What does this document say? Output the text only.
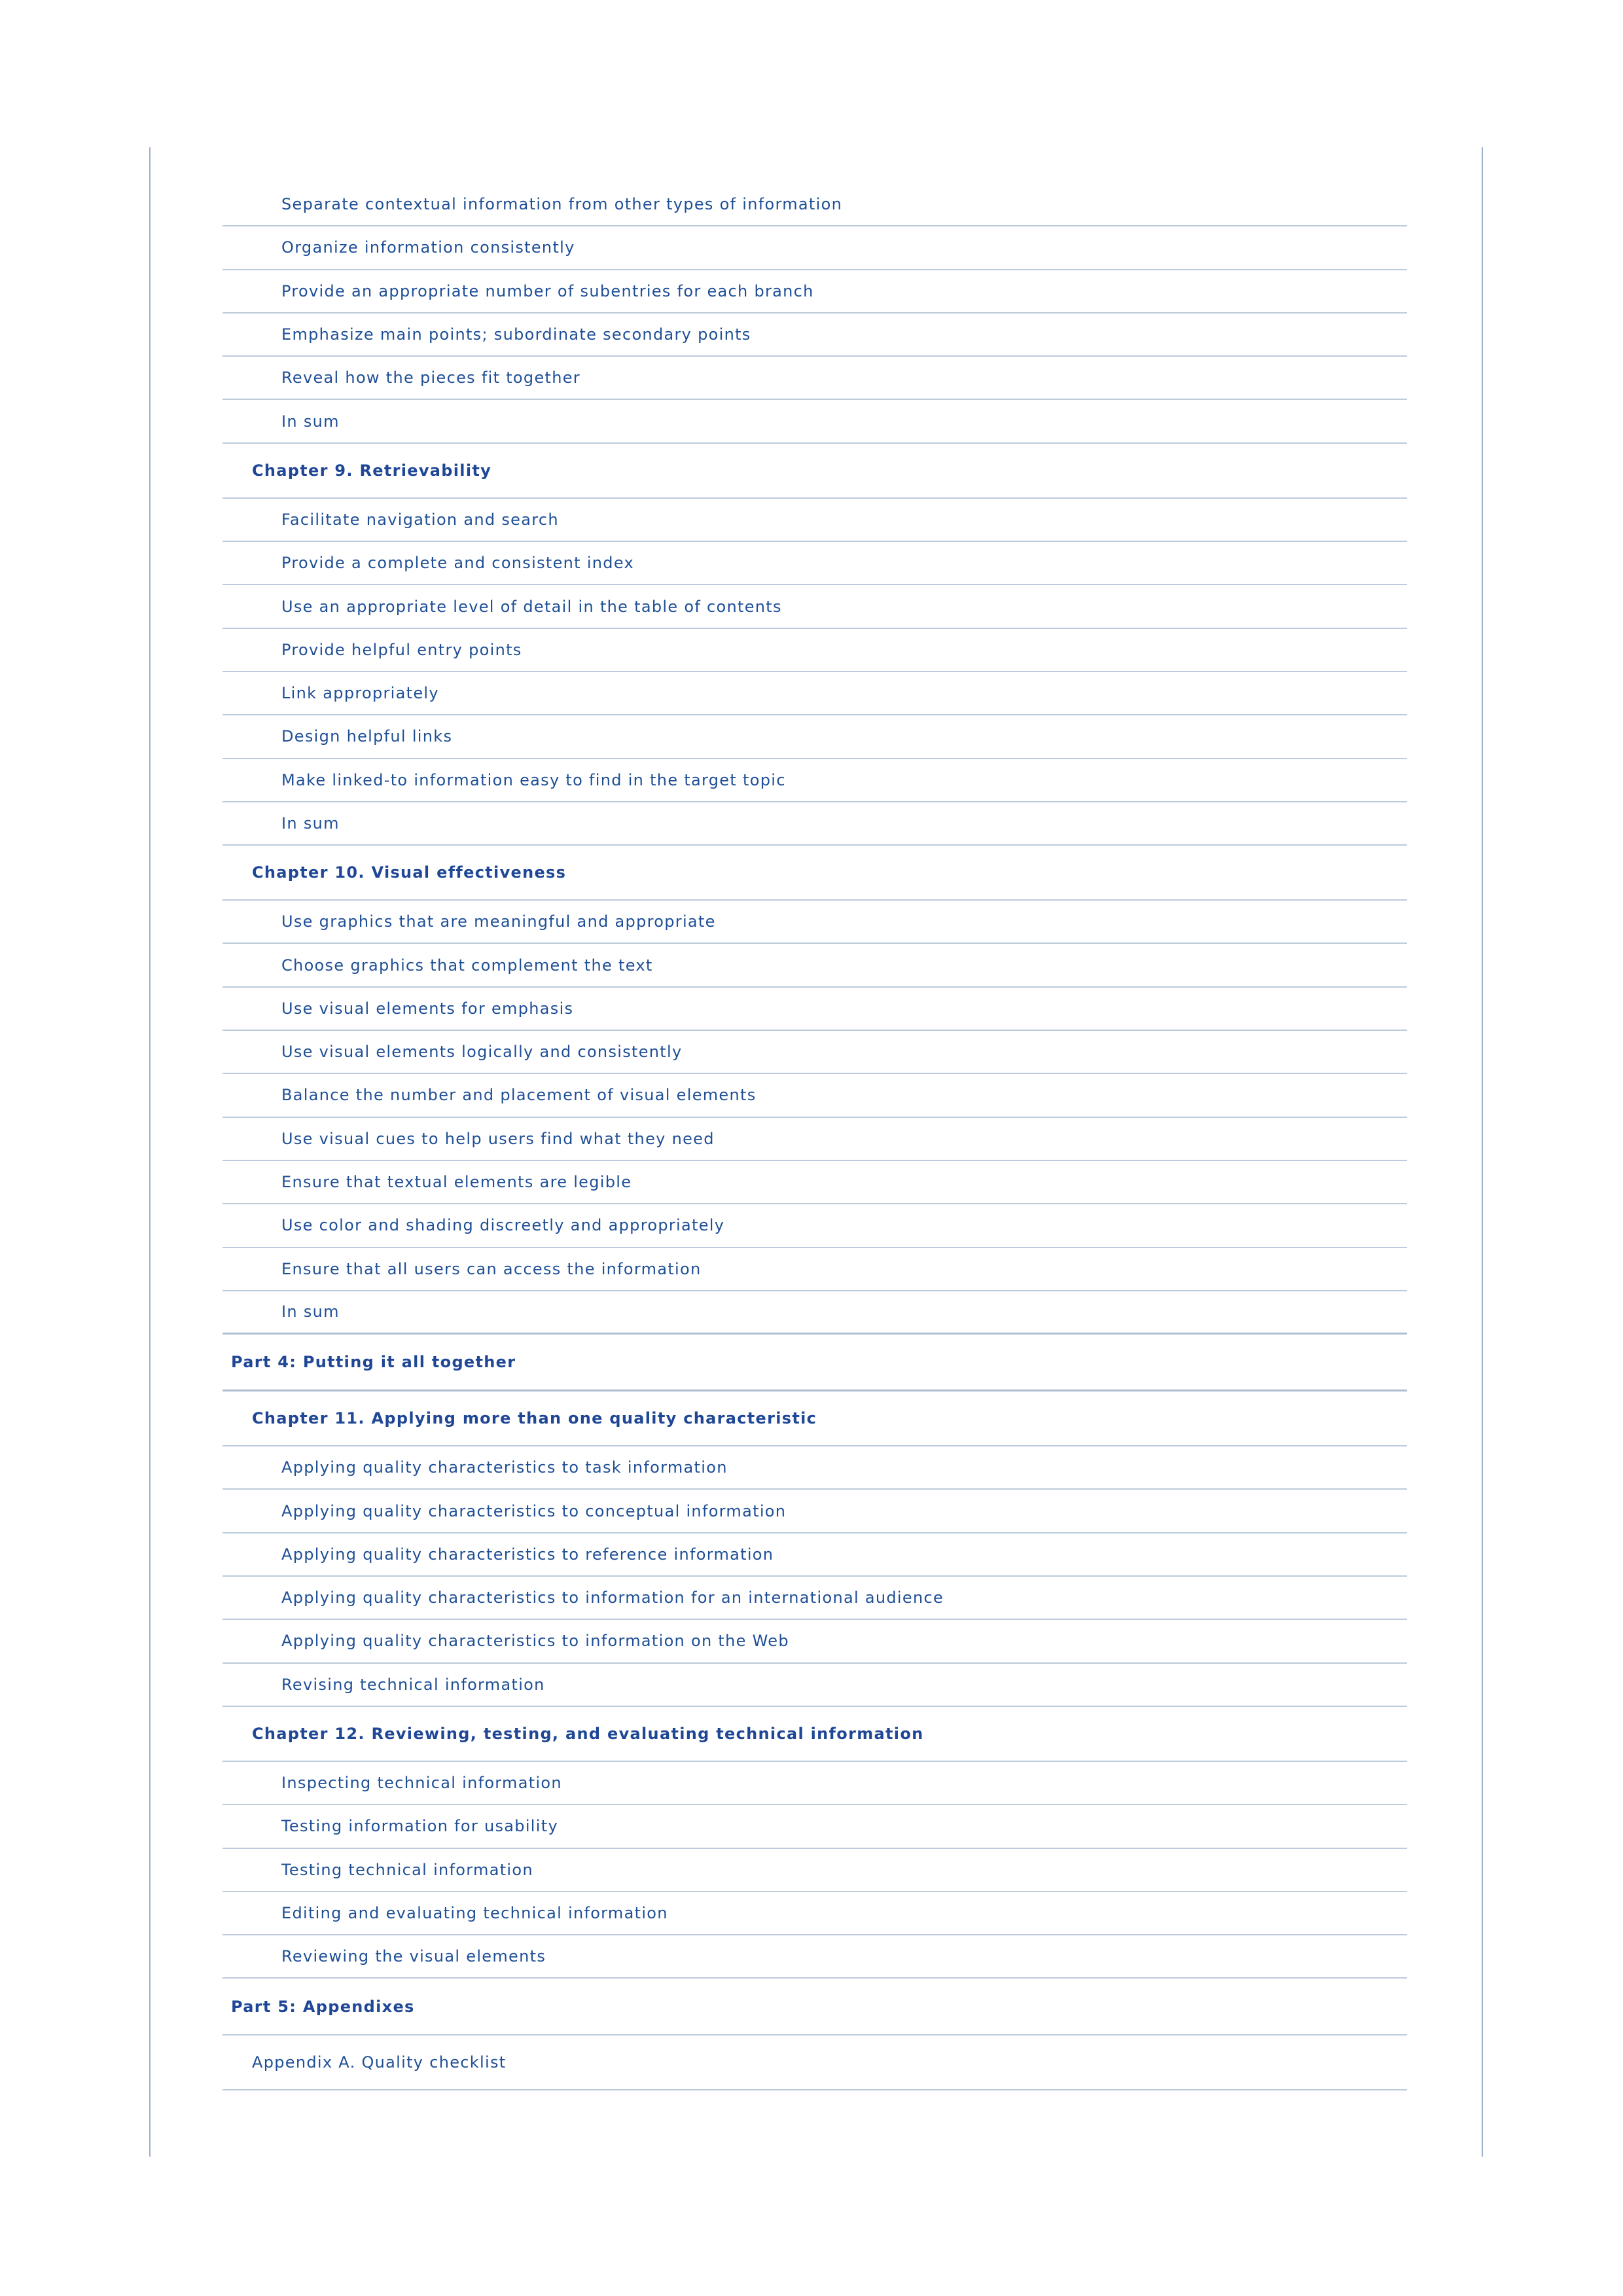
Separate contextual information from other types of information
Organize information consistently
Provide an appropriate number of subentries for each branch
Emphasize main points; subordinate secondary points
Reveal how the pieces fit together
In sum
Chapter 9. Retrievability
Facilitate navigation and search
Provide a complete and consistent index
Use an appropriate level of detail in the table of contents
Provide helpful entry points
Link appropriately
Design helpful links
Make linked-to information easy to find in the target topic
In sum
Chapter 10. Visual effectiveness
Use graphics that are meaningful and appropriate
Choose graphics that complement the text
Use visual elements for emphasis
Use visual elements logically and consistently
Balance the number and placement of visual elements
Use visual cues to help users find what they need
Ensure that textual elements are legible
Use color and shading discreetly and appropriately
Ensure that all users can access the information
In sum
Part 4: Putting it all together
Chapter 11. Applying more than one quality characteristic
Applying quality characteristics to task information
Applying quality characteristics to conceptual information
Applying quality characteristics to reference information
Applying quality characteristics to information for an international audience
Applying quality characteristics to information on the Web
Revising technical information
Chapter 12. Reviewing, testing, and evaluating technical information
Inspecting technical information
Testing information for usability
Testing technical information
Editing and evaluating technical information
Reviewing the visual elements
Part 5: Appendixes
Appendix A. Quality checklist
